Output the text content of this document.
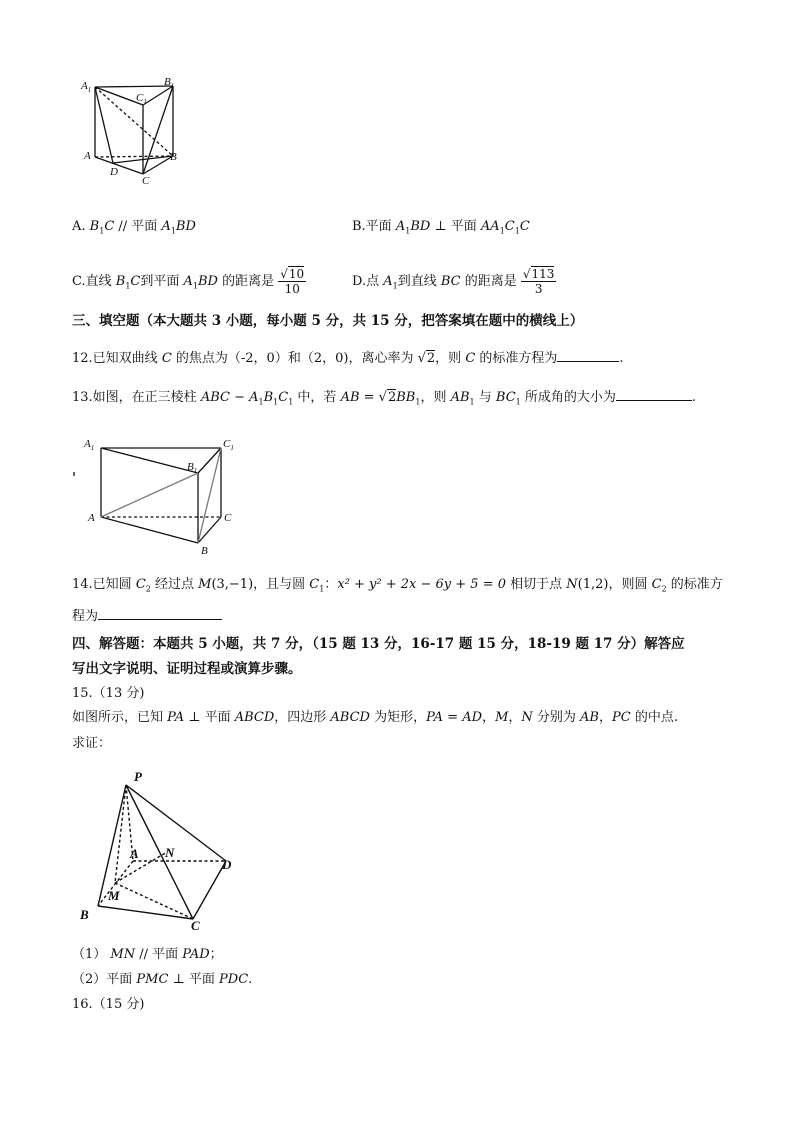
$A_1$
$B_1$
$C_1$
A	B
C
D
A. $B_1C$ // 平面 $A_1BD$	B.平面 $A_1BD$ ⊥ 平面 $AA_1C_1C$
C.直线 $B_1C$到平面 $A_1BD$ 的距离是 $\frac{√10}{10}$	D.点 $A_1$到直线 BC 的距离是 $\frac{√113}{3}$
三、填空题（本大题共 3 小题，每小题 5 分，共 15 分，把答案填在题中的横线上）
12.已知双曲线 C 的焦点为（-2，0）和（2，0)，离心率为 √2，则 C 的标准方程为	.
13.如图，在正三棱柱 ABC − $A_1B_1C_1$ 中，若 AB = $√2BB_1$，则 $AB_1$ 与 $BC_1$ 所成角的大小为	.
$A_1$	$C_1$
$B_1$
A	C
B
14.已知圆 $C_2$ 经过点 M(3,−1)，且与圆 $C_1$：x² + y² + 2x − 6y + 5 = 0 相切于点 N(1,2)，则圆 $C_2$ 的标准方
程为
四、解答题：本题共 5 小题，共 7 分，（15 题 13 分，16-17 题 15 分，18-19 题 17 分）解答应
写出文字说明、证明过程或演算步骤。
15.（13 分)
如图所示，已知 PA ⊥ 平面 ABCD，四边形 ABCD 为矩形，PA = AD，M，N 分别为 AB，PC 的中点.
求证：
P
A N
D
M
B
C
（1） MN // 平面 PAD；
（2）平面 PMC ⊥ 平面 PDC.
16.（15 分)
